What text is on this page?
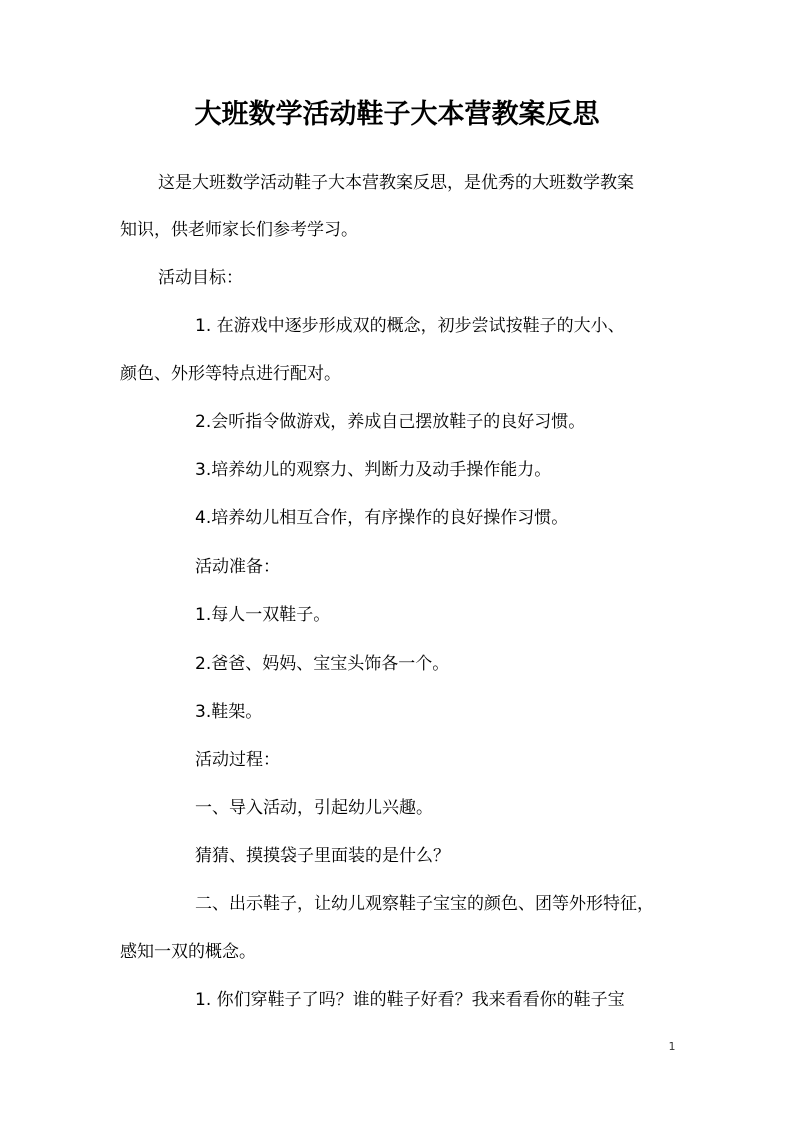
大班数学活动鞋子大本营教案反思

这是大班数学活动鞋子大本营教案反思，是优秀的大班数学教案

知识，供老师家长们参考学习。

活动目标：

1. 在游戏中逐步形成双的概念，初步尝试按鞋子的大小、

颜色、外形等特点进行配对。

2.会听指令做游戏，养成自己摆放鞋子的良好习惯。

3.培养幼儿的观察力、判断力及动手操作能力。

4.培养幼儿相互合作，有序操作的良好操作习惯。

活动准备：

1.每人一双鞋子。

2.爸爸、妈妈、宝宝头饰各一个。

3.鞋架。

活动过程：

一、导入活动，引起幼儿兴趣。

猜猜、摸摸袋子里面装的是什么？

二、出示鞋子，让幼儿观察鞋子宝宝的颜色、团等外形特征，

感知一双的概念。

1. 你们穿鞋子了吗？谁的鞋子好看？我来看看你的鞋子宝

1
